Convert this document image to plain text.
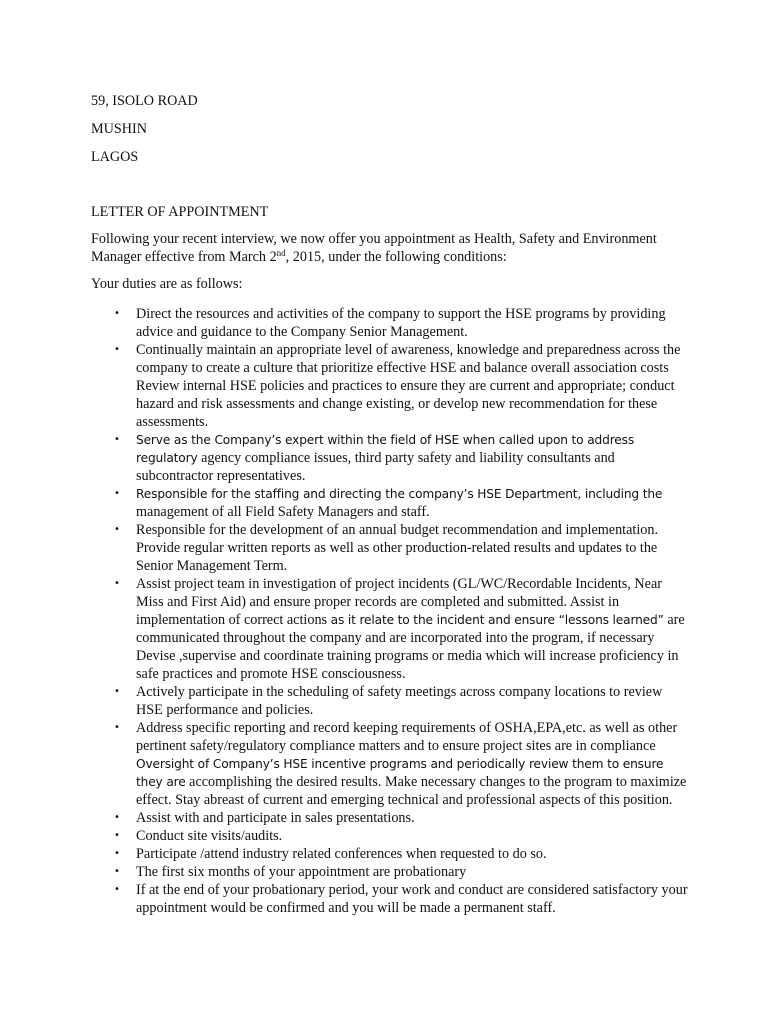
59, ISOLO ROAD
MUSHIN
LAGOS
LETTER OF APPOINTMENT
Following your recent interview, we now offer you appointment as Health, Safety and Environment Manager effective from March 2nd, 2015, under the following conditions:
Your duties are as follows:
• Direct the resources and activities of the company to support the HSE programs by providing advice and guidance to the Company Senior Management.
• Continually maintain an appropriate level of awareness, knowledge and preparedness across the company to create a culture that prioritize effective HSE and balance overall association costs Review internal HSE policies and practices to ensure they are current and appropriate; conduct hazard and risk assessments and change existing, or develop new recommendation for these assessments.
• Serve as the Company’s expert within the field of HSE when called upon to address regulatory agency compliance issues, third party safety and liability consultants and subcontractor representatives.
• Responsible for the staffing and directing the company’s HSE Department, including the management of all Field Safety Managers and staff.
• Responsible for the development of an annual budget recommendation and implementation. Provide regular written reports as well as other production-related results and updates to the Senior Management Term.
• Assist project team in investigation of project incidents (GL/WC/Recordable Incidents, Near Miss and First Aid) and ensure proper records are completed and submitted. Assist in implementation of correct actions as it relate to the incident and ensure “lessons learned” are communicated throughout the company and are incorporated into the program, if necessary Devise ,supervise and coordinate training programs or media which will increase proficiency in safe practices and promote HSE consciousness.
• Actively participate in the scheduling of safety meetings across company locations to review HSE performance and policies.
• Address specific reporting and record keeping requirements of OSHA,EPA,etc. as well as other pertinent safety/regulatory compliance matters and to ensure project sites are in compliance Oversight of Company’s HSE incentive programs and periodically review them to ensure they are accomplishing the desired results. Make necessary changes to the program to maximize effect. Stay abreast of current and emerging technical and professional aspects of this position.
• Assist with and participate in sales presentations.
• Conduct site visits/audits.
• Participate /attend industry related conferences when requested to do so.
• The first six months of your appointment are probationary
• If at the end of your probationary period, your work and conduct are considered satisfactory your appointment would be confirmed and you will be made a permanent staff.
